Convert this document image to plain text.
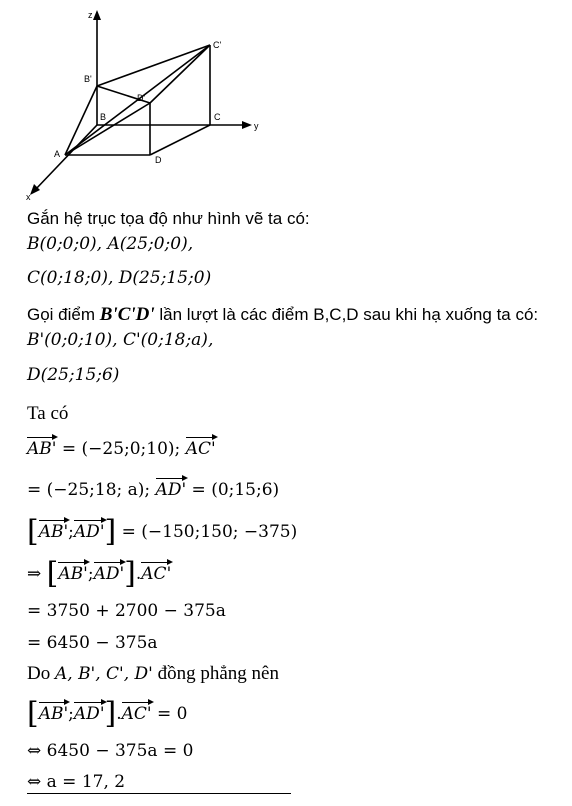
z
y
x
A
B	C
D
B'
C'
D'
Gắn hệ trục tọa độ như hình vẽ ta có:
B(0;0;0), A(25;0;0),
C(0;18;0), D(25;15;0)
Gọi điểm B'C'D' lần lượt là các điểm B,C,D sau khi hạ xuống ta có:
B'(0;0;10), C'(0;18;a),
D(25;15;6)
Ta có
AB' = (−25;0;10); AC'
= (−25;18; a); AD' = (0;15;6)
[AB';AD'] = (−150;150; −375)
⇒ [AB';AD'].AC'
= 3750 + 2700 − 375a
= 6450 − 375a
Do A, B', C', D' đồng phẳng nên
[AB';AD'].AC' = 0
⇔ 6450 − 375a = 0
⇔ a = 17, 2
